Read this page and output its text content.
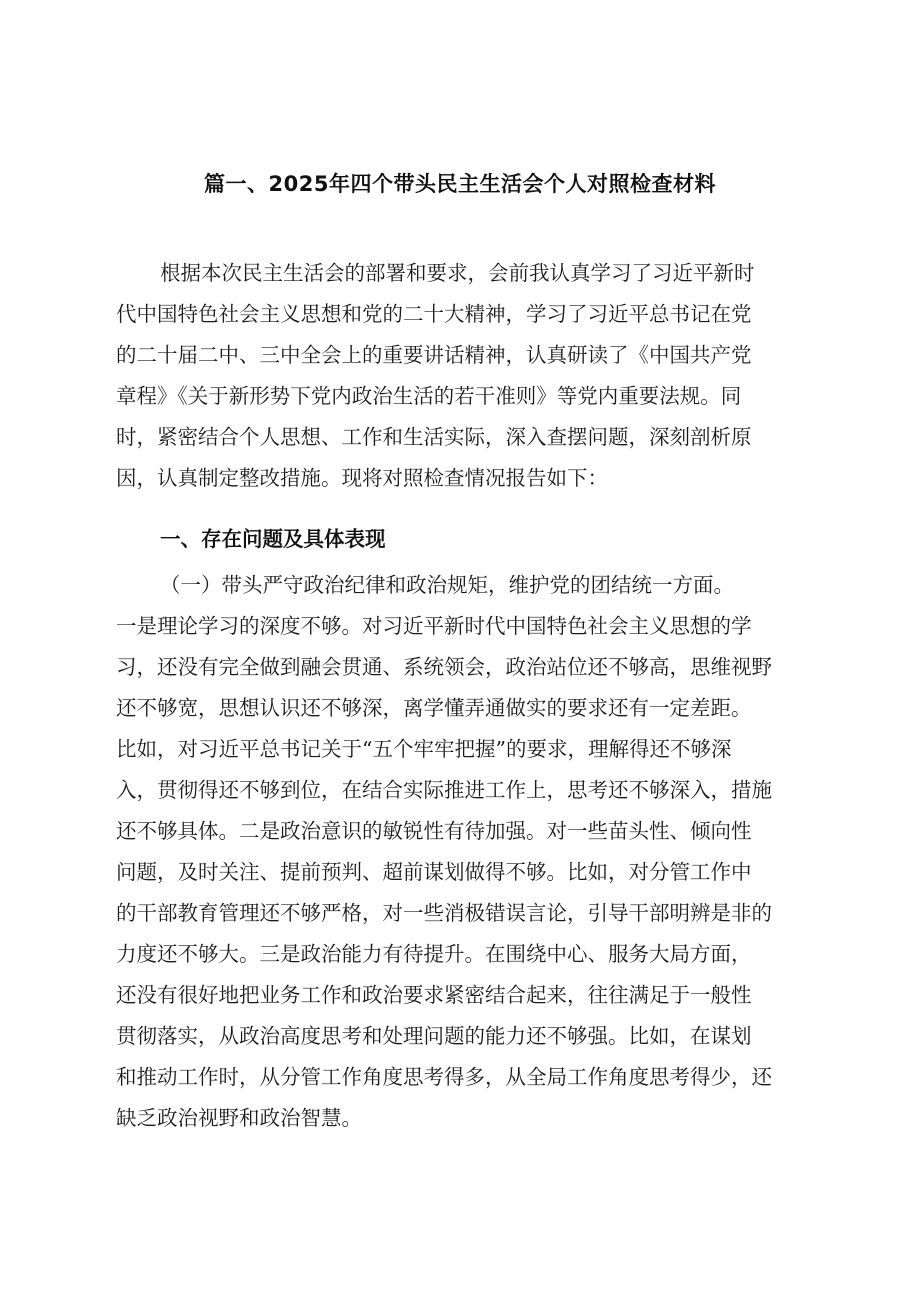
篇一、2025年四个带头民主生活会个人对照检查材料
根据本次民主生活会的部署和要求，会前我认真学习了习近平新时
代中国特色社会主义思想和党的二十大精神，学习了习近平总书记在党
的二十届二中、三中全会上的重要讲话精神，认真研读了《中国共产党
章程》《关于新形势下党内政治生活的若干准则》等党内重要法规。同
时，紧密结合个人思想、工作和生活实际，深入查摆问题，深刻剖析原
因，认真制定整改措施。现将对照检查情况报告如下：
一、存在问题及具体表现
（一）带头严守政治纪律和政治规矩，维护党的团结统一方面。
一是理论学习的深度不够。对习近平新时代中国特色社会主义思想的学
习，还没有完全做到融会贯通、系统领会，政治站位还不够高，思维视野
还不够宽，思想认识还不够深，离学懂弄通做实的要求还有一定差距。
比如，对习近平总书记关于“五个牢牢把握”的要求，理解得还不够深
入，贯彻得还不够到位，在结合实际推进工作上，思考还不够深入，措施
还不够具体。二是政治意识的敏锐性有待加强。对一些苗头性、倾向性
问题，及时关注、提前预判、超前谋划做得不够。比如，对分管工作中
的干部教育管理还不够严格，对一些消极错误言论，引导干部明辨是非的
力度还不够大。三是政治能力有待提升。在围绕中心、服务大局方面，
还没有很好地把业务工作和政治要求紧密结合起来，往往满足于一般性
贯彻落实，从政治高度思考和处理问题的能力还不够强。比如，在谋划
和推动工作时，从分管工作角度思考得多，从全局工作角度思考得少，还
缺乏政治视野和政治智慧。
